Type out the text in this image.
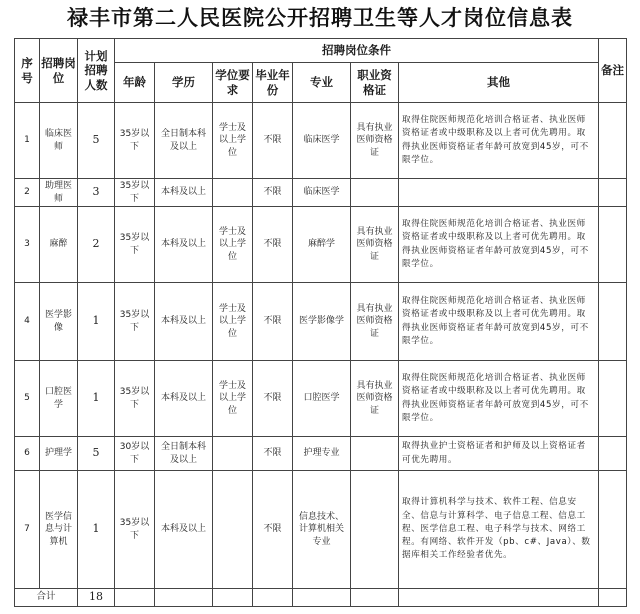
禄丰市第二人民医院公开招聘卫生等人才岗位信息表
序号	招聘岗位	计划招聘人数	招聘岗位条件							备注
			年龄	学历	学位要求	毕业年份	专业	职业资格证	其他	
1	临床医师	5	35岁以下	全日制本科及以上	学士及以上学位	不限	临床医学	具有执业医师资格证	取得住院医师规范化培训合格证者、执业医师资格证者或中级职称及以上者可优先聘用。取得执业医师资格证者年龄可放宽到45岁，可不限学位。	
2	助理医师	3	35岁以下	本科及以上		不限	临床医学			
3	麻醉	2	35岁以下	本科及以上	学士及以上学位	不限	麻醉学	具有执业医师资格证	取得住院医师规范化培训合格证者、执业医师资格证者或中级职称及以上者可优先聘用。取得执业医师资格证者年龄可放宽到45岁，可不限学位。	
4	医学影像	1	35岁以下	本科及以上	学士及以上学位	不限	医学影像学	具有执业医师资格证	取得住院医师规范化培训合格证者、执业医师资格证者或中级职称及以上者可优先聘用。取得执业医师资格证者年龄可放宽到45岁，可不限学位。	
5	口腔医学	1	35岁以下	本科及以上	学士及以上学位	不限	口腔医学	具有执业医师资格证	取得住院医师规范化培训合格证者、执业医师资格证者或中级职称及以上者可优先聘用。取得执业医师资格证者年龄可放宽到45岁，可不限学位。	
6	护理学	5	30岁以下	全日制本科及以上		不限	护理专业		取得执业护士资格证者和护师及以上资格证者可优先聘用。	
7	医学信息与计算机	1	35岁以下	本科及以上		不限	信息技术、计算机相关专业		取得计算机科学与技术、软件工程、信息安全、信息与计算科学、电子信息工程、信息工程、医学信息工程、电子科学与技术、网络工程。有网络、软件开发（pb、c#、Java）、数据库相关工作经验者优先。	
合计		18								
